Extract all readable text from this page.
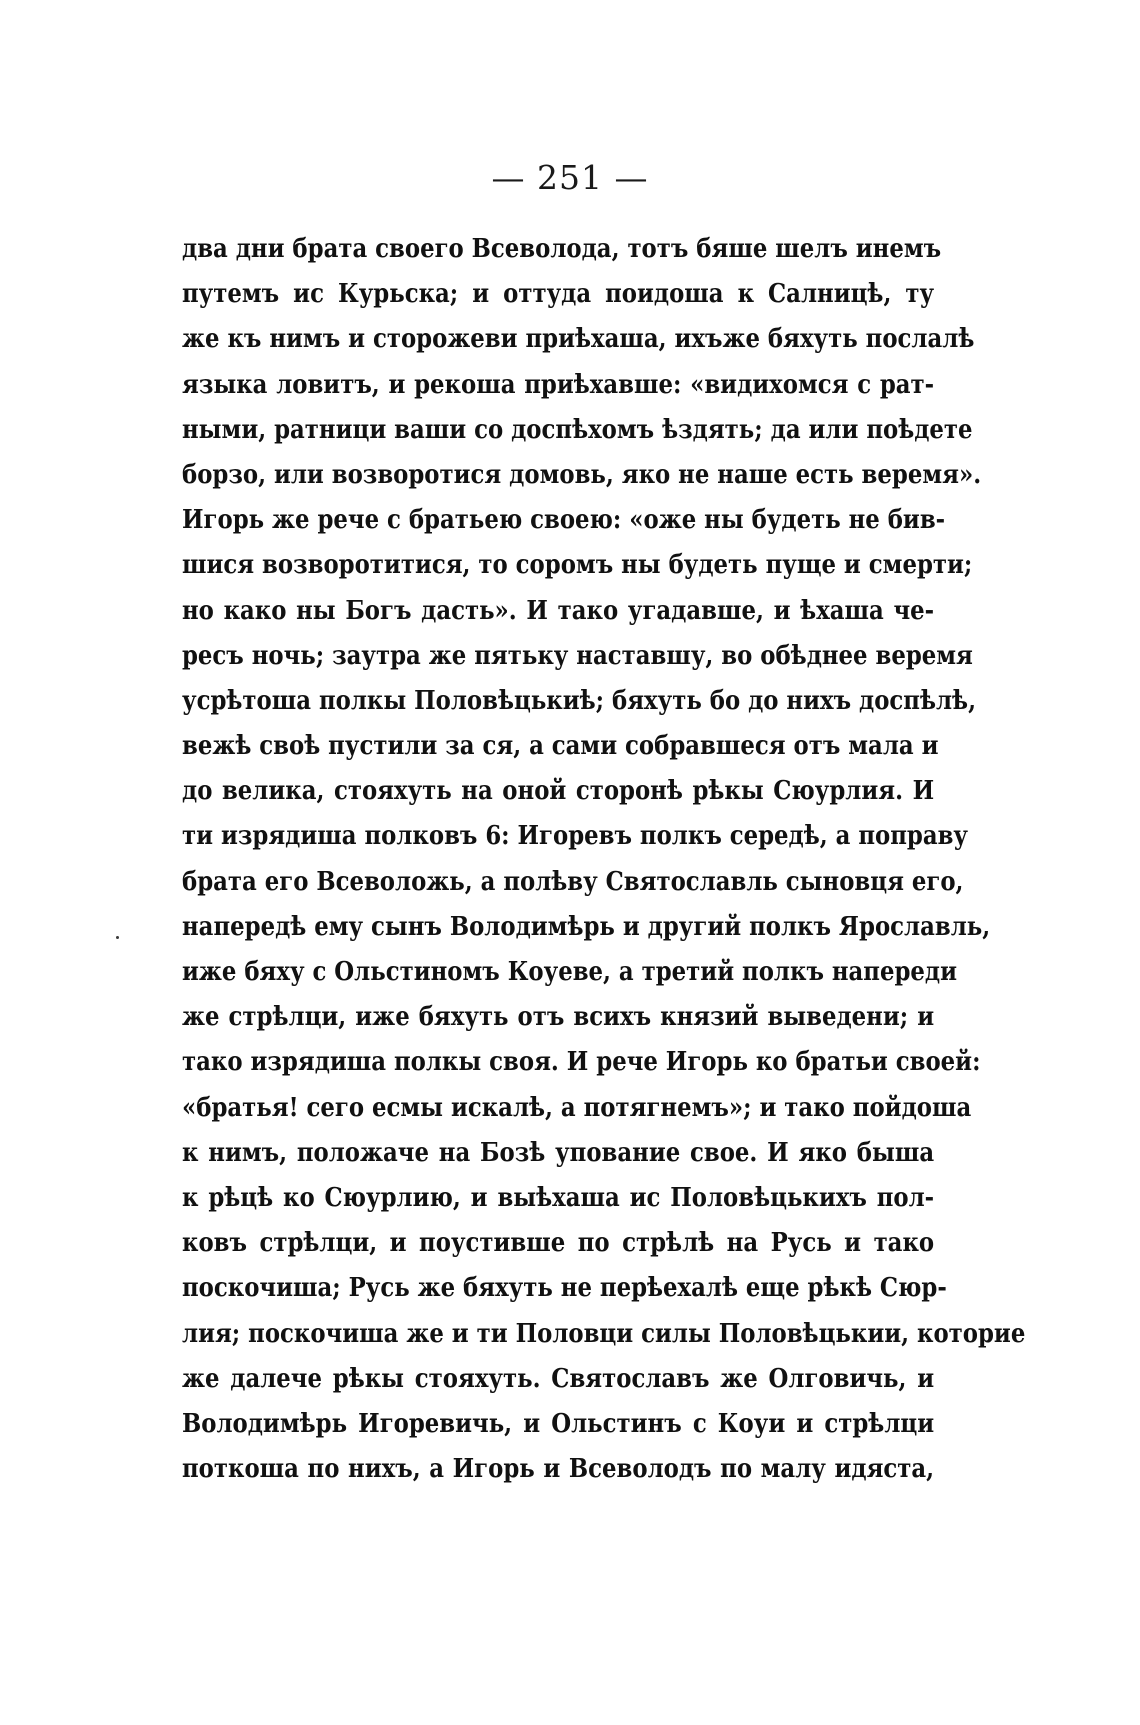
— 251 —
два дни брата своего Всеволода, тотъ бяше шелъ инемъ
путемъ ис Курьска; и оттуда поидоша к Салницѣ, ту
же къ нимъ и сторожеви приѣхаша, ихъже бяхуть послалѣ
языка ловитъ, и рекоша приѣхавше: «видихомся с рат-
ными, ратници ваши со доспѣхомъ ѣздять; да или поѣдете
борзо, или возворотися домовь, яко не наше есть веремя».
Игорь же рече с братьею своею: «оже ны будеть не бив-
шися возворотитися, то соромъ ны будеть пуще и смерти;
но како ны Богъ дасть». И тако угадавше, и ѣхаша че-
ресъ ночь; заутра же пятьку наставшу, во обѣднее веремя
усрѣтоша полкы Половѣцькиѣ; бяхуть бо до нихъ доспѣлѣ,
вежѣ своѣ пустили за ся, а сами собравшеся отъ мала и
до велика, стояхуть на оной сторонѣ рѣкы Сюурлия. И
ти изрядиша полковъ 6: Игоревъ полкъ середѣ, а поправу
брата его Всеволожь, а полѣву Святославль сыновця его,
напередѣ ему сынъ Володимѣрь и другий полкъ Ярославль,
иже бяху с Ольстиномъ Коуеве, а третий полкъ напереди
же стрѣлци, иже бяхуть отъ всихъ князий выведени; и
тако изрядиша полкы своя. И рече Игорь ко братьи своей:
«братья! сего есмы искалѣ, а потягнемъ»; и тако пойдоша
к нимъ, положаче на Бозѣ упование свое. И яко быша
к рѣцѣ ко Сюурлию, и выѣхаша ис Половѣцькихъ пол-
ковъ стрѣлци, и поустивше по стрѣлѣ на Русь и тако
поскочиша; Русь же бяхуть не перѣехалѣ еще рѣкѣ Сюр-
лия; поскочиша же и ти Половци силы Половѣцькии, которие
же далече рѣкы стояхуть. Святославъ же Олговичь, и
Володимѣрь Игоревичь, и Ольстинъ с Коуи и стрѣлци
поткоша по нихъ, а Игорь и Всеволодъ по малу идяста,
